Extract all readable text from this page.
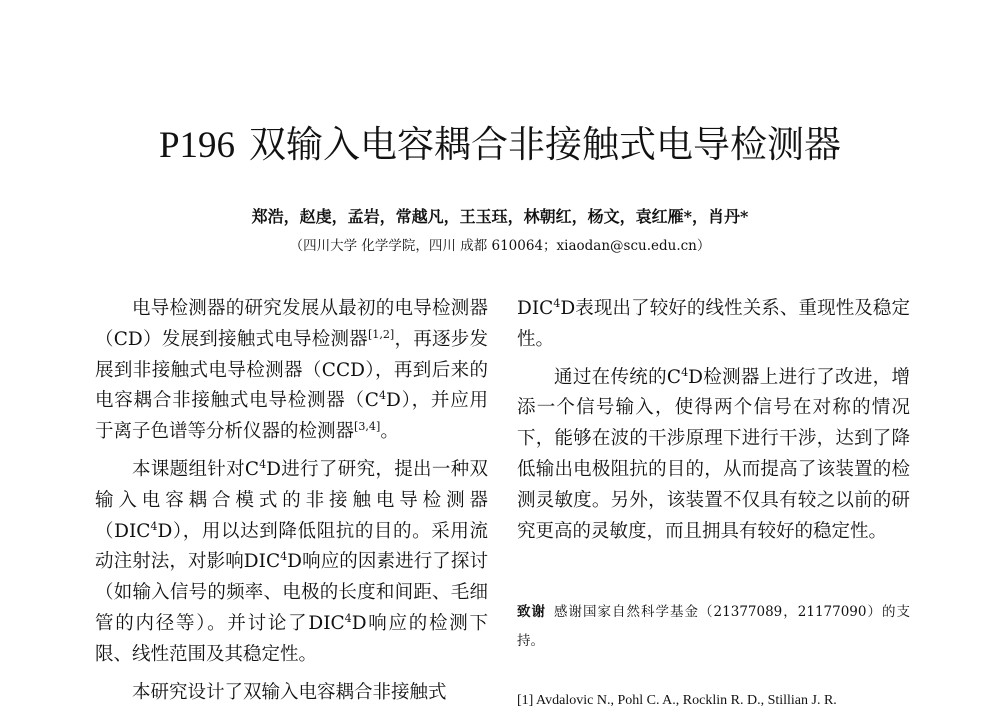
P196 双输入电容耦合非接触式电导检测器
郑浩，赵虔，孟岩，常越凡，王玉珏，林朝红，杨文，袁红雁*，肖丹*
（四川大学 化学学院，四川 成都 610064；xiaodan@scu.edu.cn）

电导检测器的研究发展从最初的电导检测器（CD）发展到接触式电导检测器[1,2]，再逐步发展到非接触式电导检测器（CCD），再到后来的电容耦合非接触式电导检测器$(C^4D)$，并应用于离子色谱等分析仪器的检测器[3,4]。

本课题组针对$C^4D$进行了研究，提出一种双输入电容耦合模式的非接触电导检测器（DIC$^4$D），用以达到降低阻抗的目的。采用流动注射法，对影响DIC$^4$D响应的因素进行了探讨（如输入信号的频率、电极的长度和间距、毛细管的内径等）。并讨论了DIC$^4$D响应的检测下限、线性范围及其稳定性。

本研究设计了双输入电容耦合非接触式

DIC$^4$D表现出了较好的线性关系、重现性及稳定性。

通过在传统的$C^4D$检测器上进行了改进，增添一个信号输入，使得两个信号在对称的情况下，能够在波的干涉原理下进行干涉，达到了降低输出电极阻抗的目的，从而提高了该装置的检测灵敏度。另外，该装置不仅具有较之以前的研究更高的灵敏度，而且拥具有较好的稳定性。

致谢 感谢国家自然科学基金（21377089，21177090）的支持。
[1] Avdalovic N., Pohl C. A., Rocklin R. D., Stillian J. R.
